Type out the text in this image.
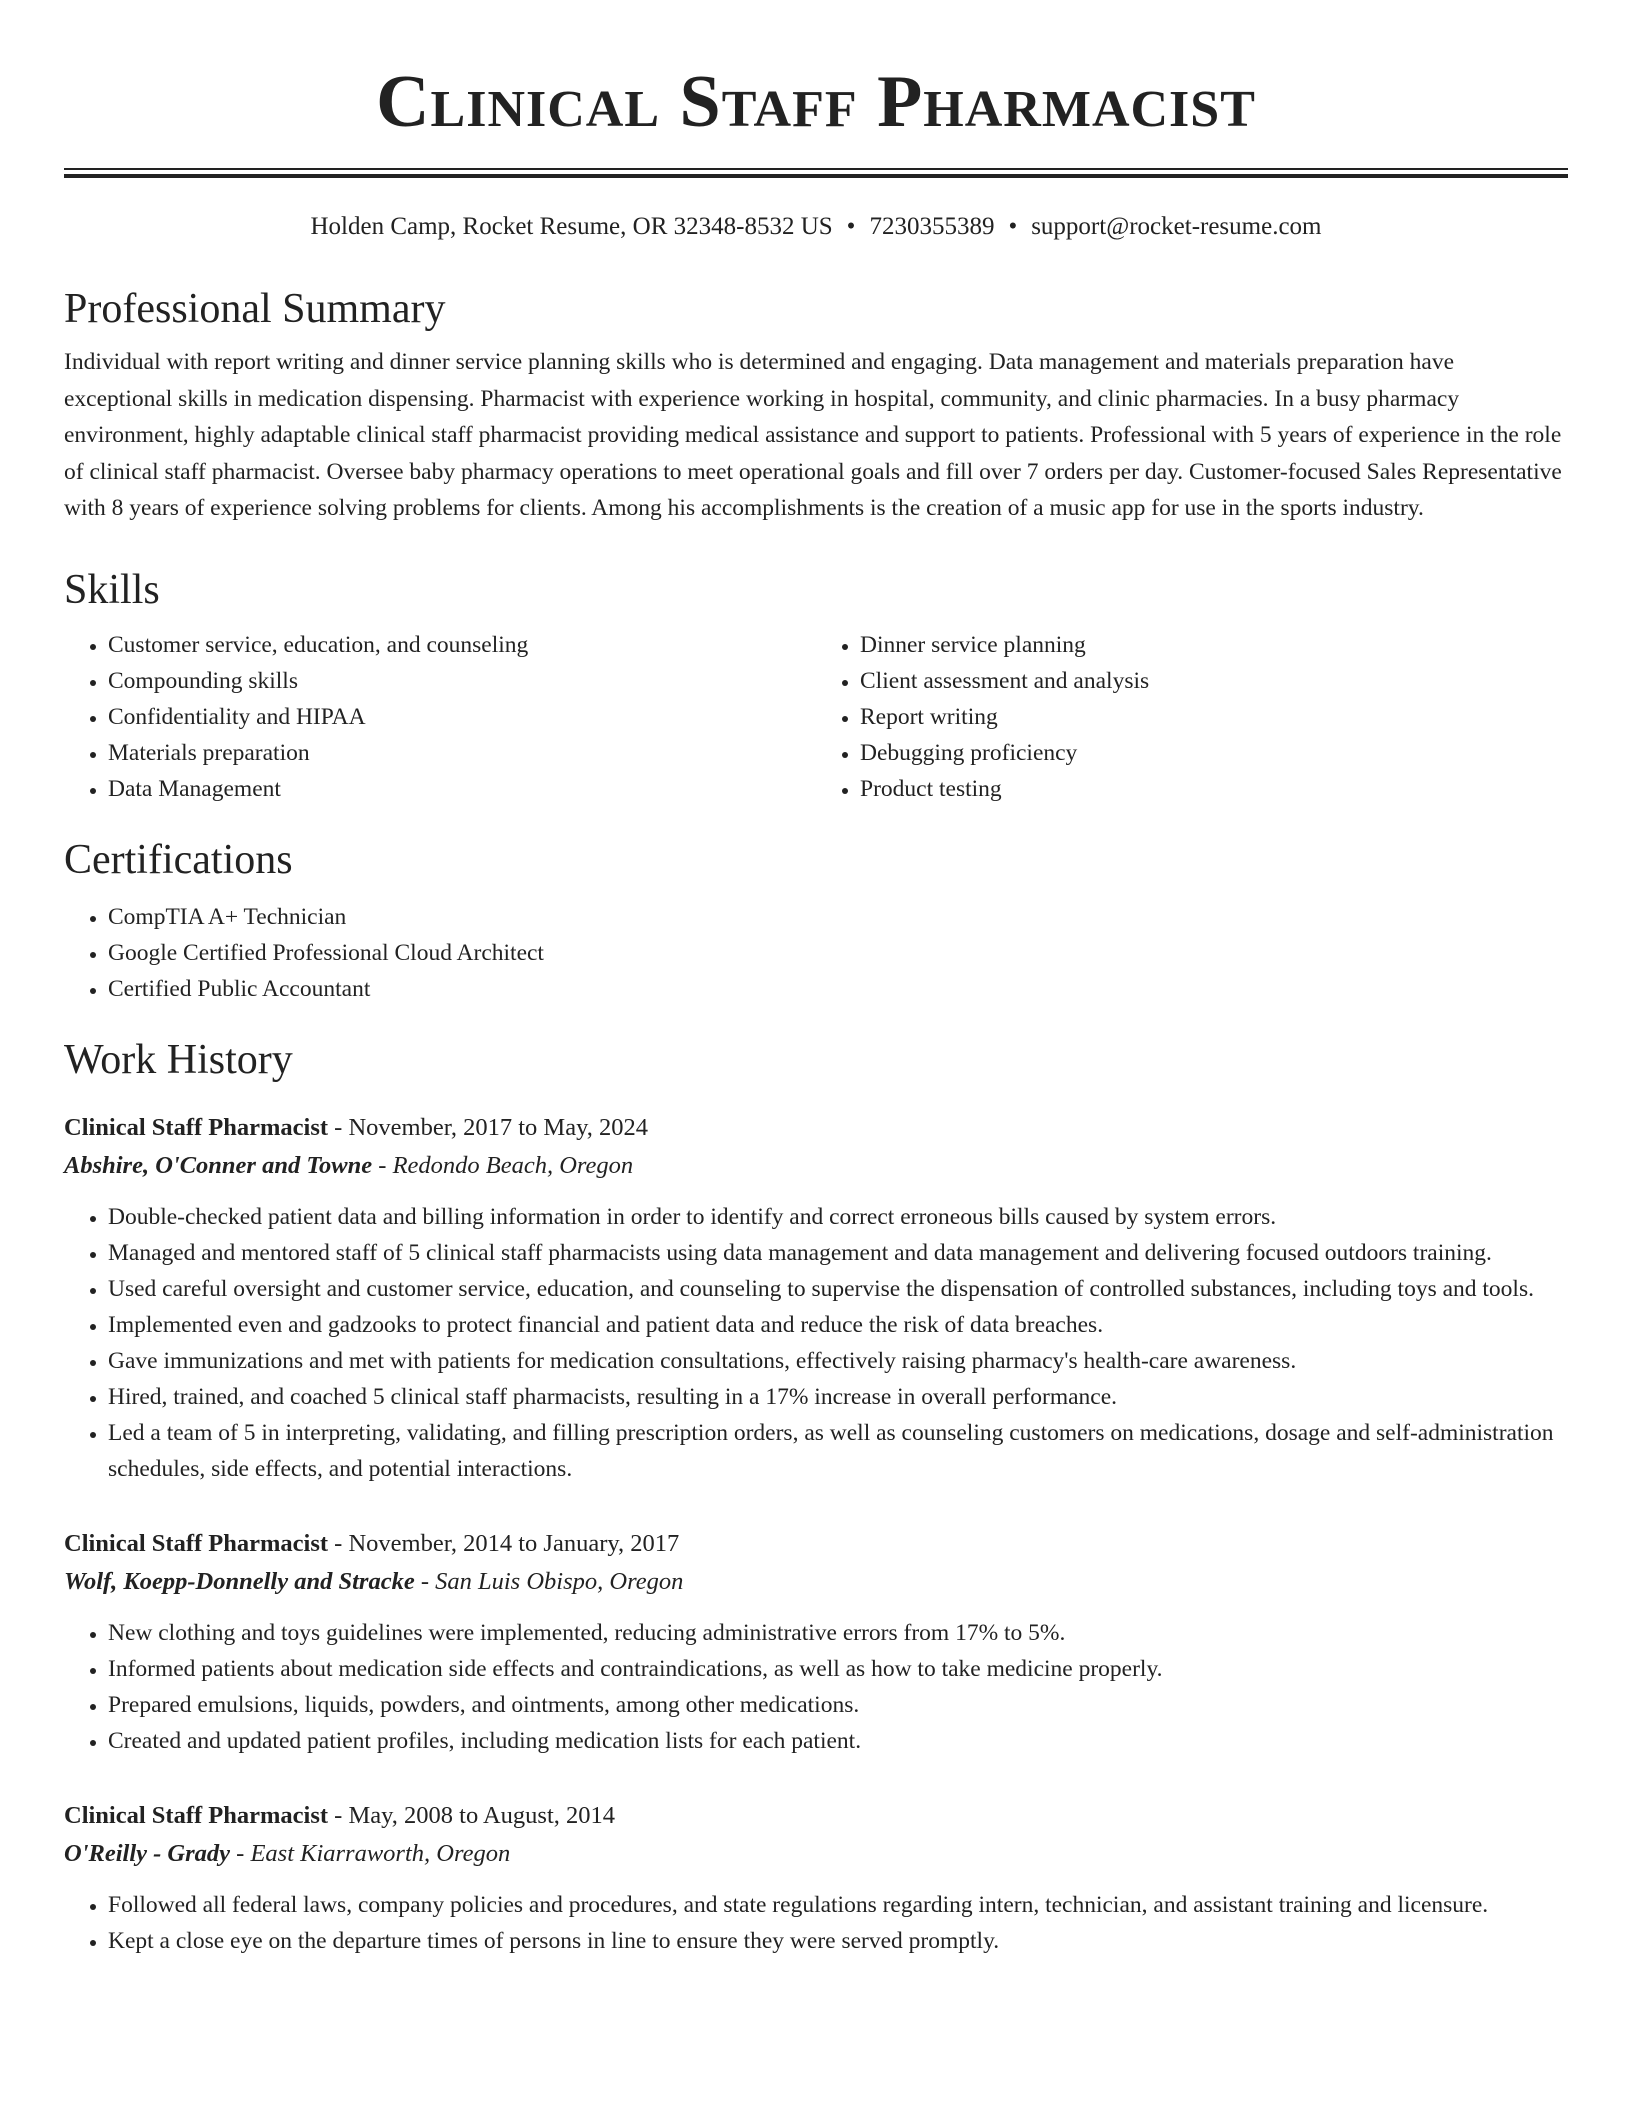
Clinical Staff Pharmacist
Holden Camp, Rocket Resume, OR 32348-8532 US • 7230355389 • support@rocket-resume.com
Professional Summary

Individual with report writing and dinner service planning skills who is determined and engaging. Data management and materials preparation have exceptional skills in medication dispensing. Pharmacist with experience working in hospital, community, and clinic pharmacies. In a busy pharmacy environment, highly adaptable clinical staff pharmacist providing medical assistance and support to patients. Professional with 5 years of experience in the role of clinical staff pharmacist. Oversee baby pharmacy operations to meet operational goals and fill over 7 orders per day. Customer-focused Sales Representative with 8 years of experience solving problems for clients. Among his accomplishments is the creation of a music app for use in the sports industry.

Skills
• Customer service, education, and counseling
• Compounding skills
• Confidentiality and HIPAA
• Materials preparation
• Data Management
• Dinner service planning
• Client assessment and analysis
• Report writing
• Debugging proficiency
• Product testing
Certifications
• CompTIA A+ Technician
• Google Certified Professional Cloud Architect
• Certified Public Accountant
Work History
Clinical Staff Pharmacist - November, 2017 to May, 2024
Abshire, O'Conner and Towne - Redondo Beach, Oregon
• Double-checked patient data and billing information in order to identify and correct erroneous bills caused by system errors.
• Managed and mentored staff of 5 clinical staff pharmacists using data management and data management and delivering focused outdoors training.
• Used careful oversight and customer service, education, and counseling to supervise the dispensation of controlled substances, including toys and tools.
• Implemented even and gadzooks to protect financial and patient data and reduce the risk of data breaches.
• Gave immunizations and met with patients for medication consultations, effectively raising pharmacy's health-care awareness.
• Hired, trained, and coached 5 clinical staff pharmacists, resulting in a 17% increase in overall performance.
• Led a team of 5 in interpreting, validating, and filling prescription orders, as well as counseling customers on medications, dosage and self-administration schedules, side effects, and potential interactions.
Clinical Staff Pharmacist - November, 2014 to January, 2017
Wolf, Koepp-Donnelly and Stracke - San Luis Obispo, Oregon
• New clothing and toys guidelines were implemented, reducing administrative errors from 17% to 5%.
• Informed patients about medication side effects and contraindications, as well as how to take medicine properly.
• Prepared emulsions, liquids, powders, and ointments, among other medications.
• Created and updated patient profiles, including medication lists for each patient.
Clinical Staff Pharmacist - May, 2008 to August, 2014
O'Reilly - Grady - East Kiarraworth, Oregon
• Followed all federal laws, company policies and procedures, and state regulations regarding intern, technician, and assistant training and licensure.
• Kept a close eye on the departure times of persons in line to ensure they were served promptly.
